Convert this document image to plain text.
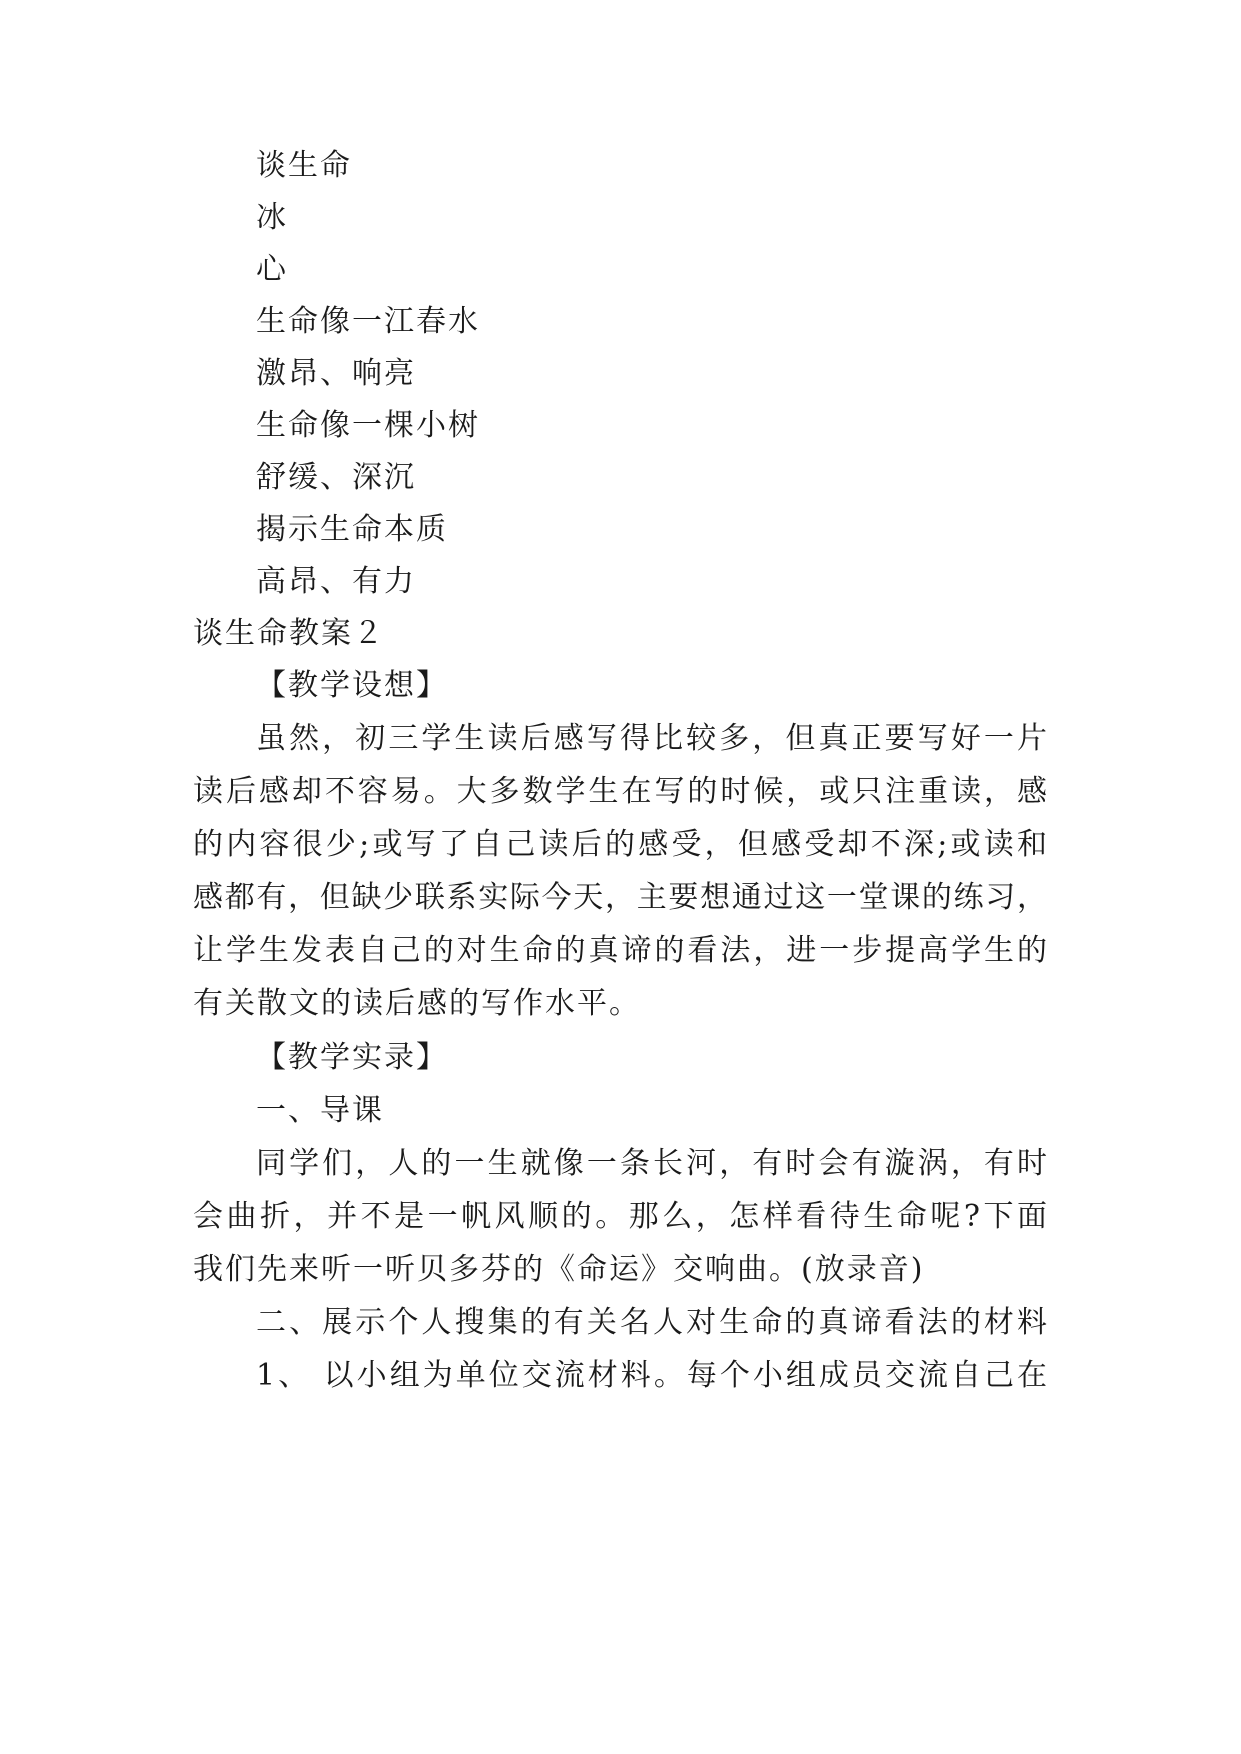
谈生命
冰
心
生命像一江春水
激昂、响亮
生命像一棵小树
舒缓、深沉
揭示生命本质
高昂、有力
谈生命教案２
【教学设想】
虽然，初三学生读后感写得比较多，但真正要写好一片
读后感却不容易。大多数学生在写的时候，或只注重读，感
的内容很少;或写了自己读后的感受，但感受却不深;或读和
感都有，但缺少联系实际今天，主要想通过这一堂课的练习，
让学生发表自己的对生命的真谛的看法，进一步提高学生的
有关散文的读后感的写作水平。
【教学实录】
一、导课
同学们，人的一生就像一条长河，有时会有漩涡，有时
会曲折，并不是一帆风顺的。那么，怎样看待生命呢?下面
我们先来听一听贝多芬的《命运》交响曲。(放录音)
二、展示个人搜集的有关名人对生命的真谛看法的材料
1、 以小组为单位交流材料。每个小组成员交流自己在
